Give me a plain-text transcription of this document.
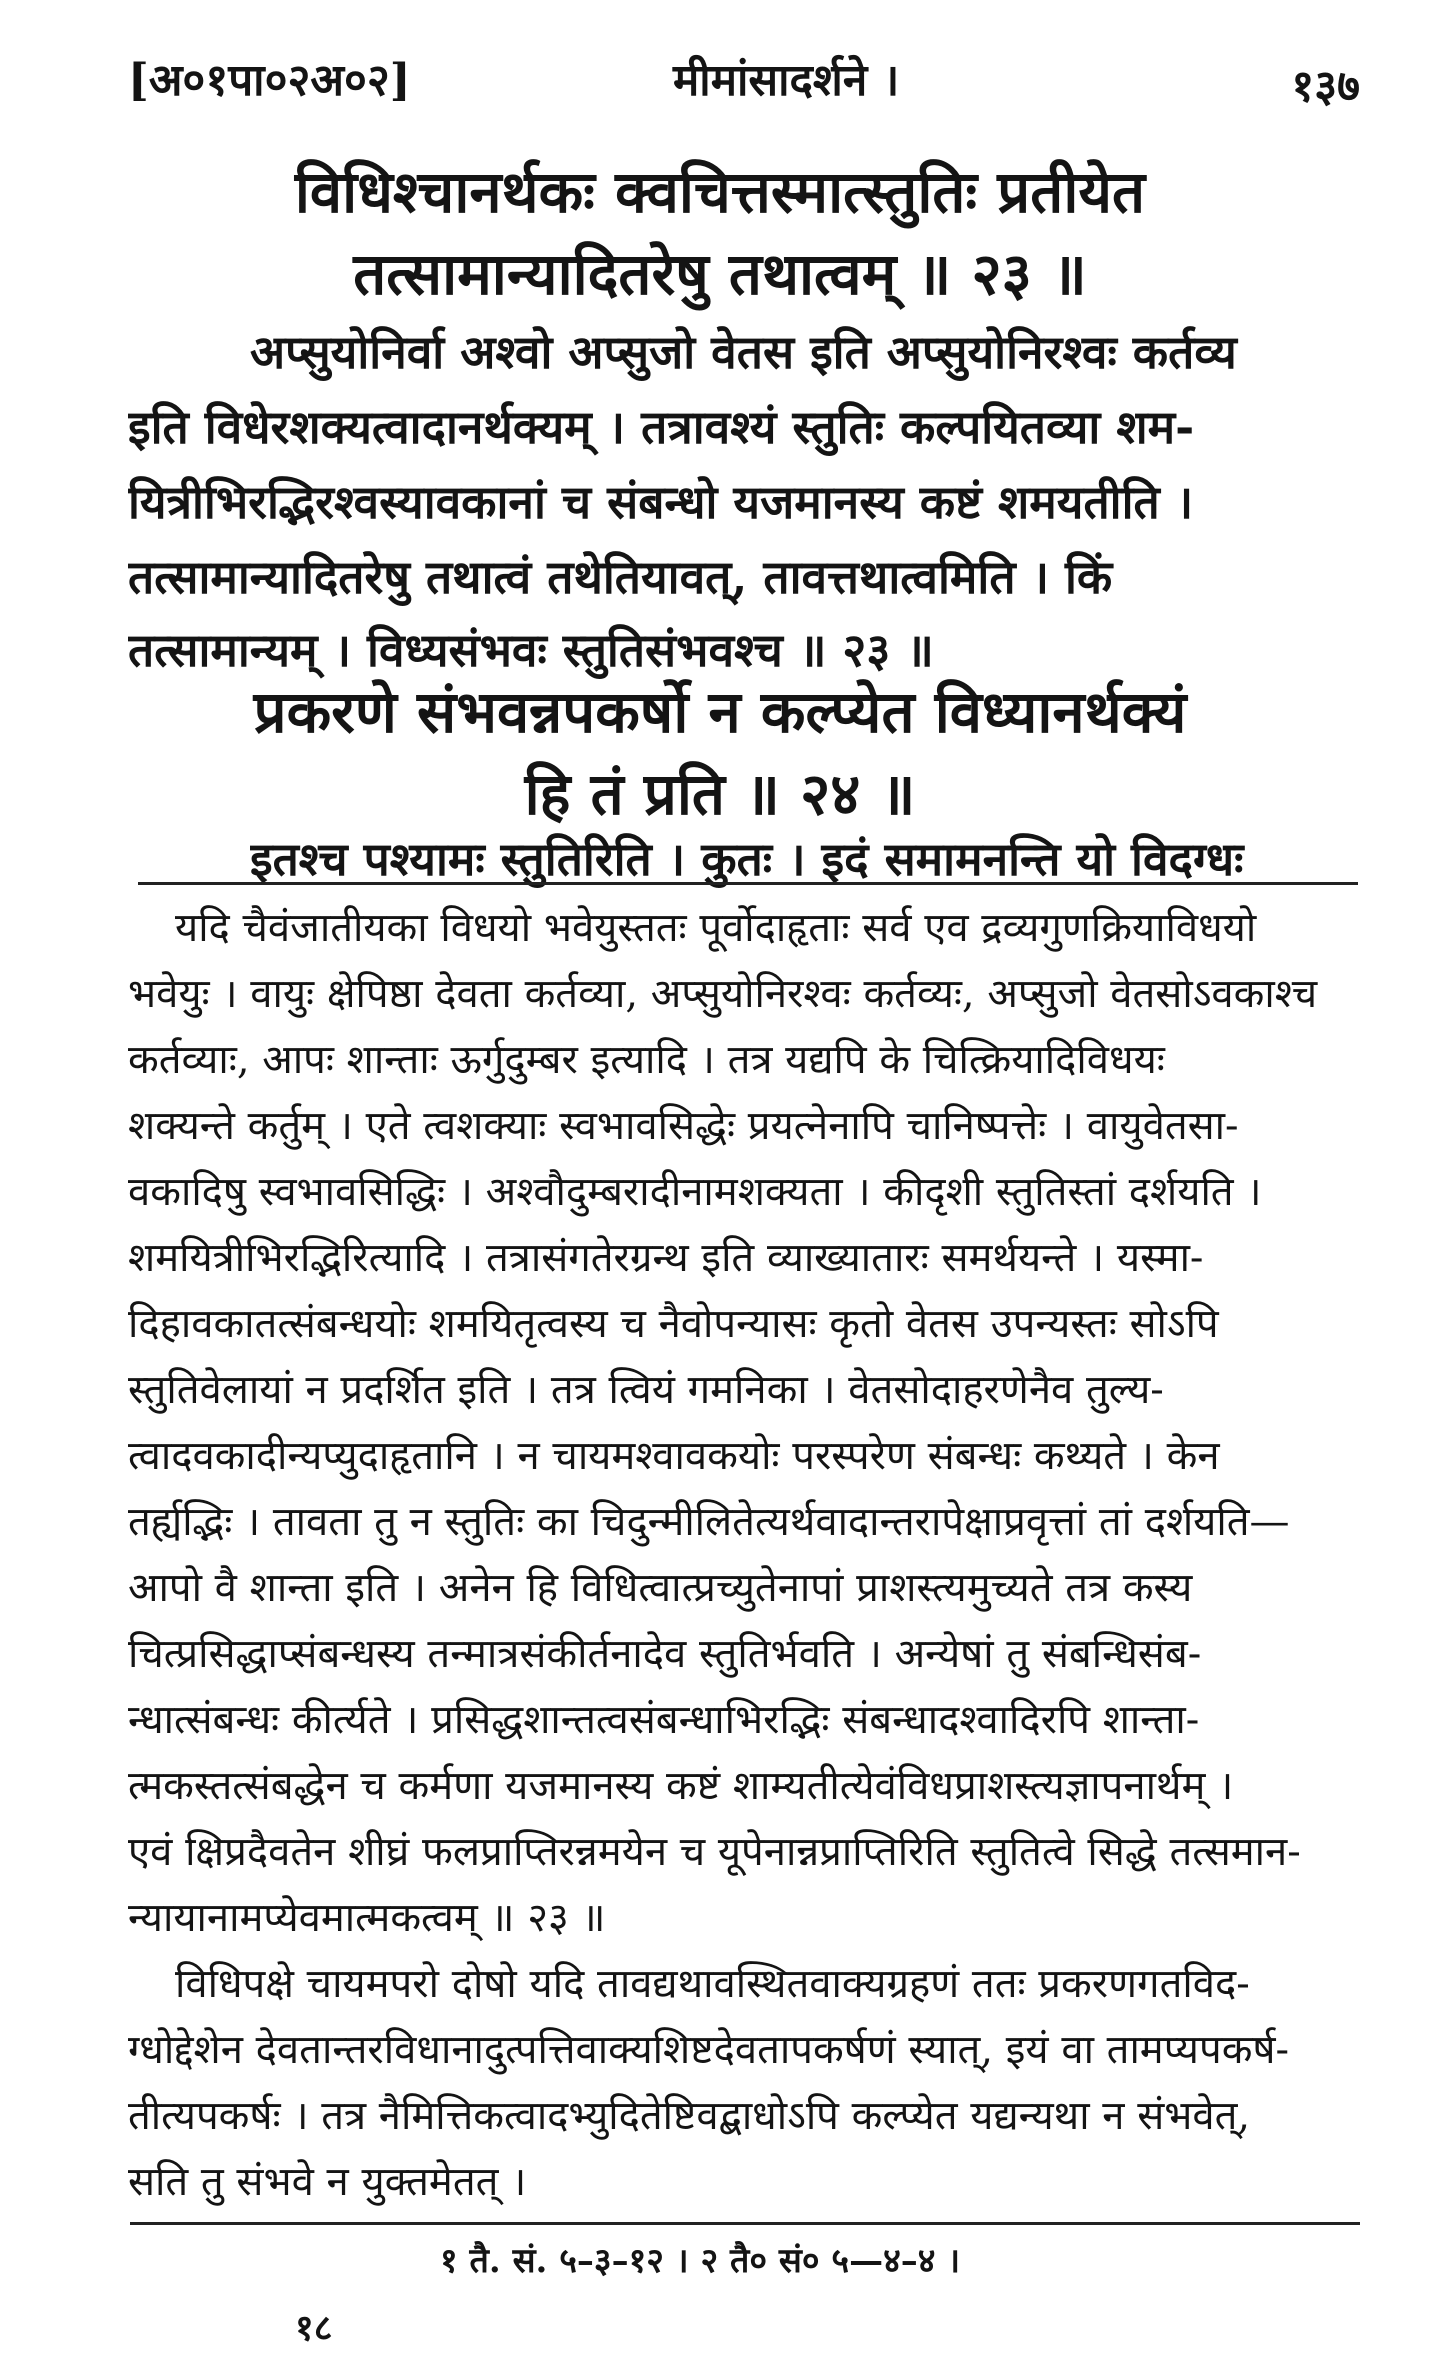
[अ०१पा०२अ०२]	मीमांसादर्शने ।	१३७
विधिश्चानर्थकः क्वचित्तस्मात्स्तुतिः प्रतीयेत
तत्सामान्यादितरेषु तथात्वम् ॥ २३ ॥
अप्सुयोनिर्वा अश्वो अप्सुजो वेतस इति अप्सुयोनिरश्वः कर्तव्य
इति विधेरशक्यत्वादानर्थक्यम् । तत्रावश्यं स्तुतिः कल्पयितव्या शम-
यित्रीभिरद्भिरश्वस्यावकानां च संबन्धो यजमानस्य कष्टं शमयतीति ।
तत्सामान्यादितरेषु तथात्वं तथेतियावत्, तावत्तथात्वमिति । किं
तत्सामान्यम् । विध्यसंभवः स्तुतिसंभवश्च ॥ २३ ॥
प्रकरणे संभवन्नपकर्षो न कल्प्येत विध्यानर्थक्यं
हि तं प्रति ॥ २४ ॥
इतश्च पश्यामः स्तुतिरिति । कुतः । इदं समामनन्ति यो विदग्धः
यदि चैवंजातीयका विधयो भवेयुस्ततः पूर्वोदाहृताः सर्व एव द्रव्यगुणक्रियाविधयो
भवेयुः । वायुः क्षेपिष्ठा देवता कर्तव्या, अप्सुयोनिरश्वः कर्तव्यः, अप्सुजो वेतसोऽवकाश्च
कर्तव्याः, आपः शान्ताः ऊर्गुदुम्बर इत्यादि । तत्र यद्यपि के चित्क्रियादिविधयः
शक्यन्ते कर्तुम् । एते त्वशक्याः स्वभावसिद्धेः प्रयत्नेनापि चानिष्पत्तेः । वायुवेतसा-
वकादिषु स्वभावसिद्धिः । अश्वौदुम्बरादीनामशक्यता । कीदृशी स्तुतिस्तां दर्शयति ।
शमयित्रीभिरद्भिरित्यादि । तत्रासंगतेरग्रन्थ इति व्याख्यातारः समर्थयन्ते । यस्मा-
दिहावकातत्संबन्धयोः शमयितृत्वस्य च नैवोपन्यासः कृतो वेतस उपन्यस्तः सोऽपि
स्तुतिवेलायां न प्रदर्शित इति । तत्र त्वियं गमनिका । वेतसोदाहरणेनैव तुल्य-
त्वादवकादीन्यप्युदाहृतानि । न चायमश्वावकयोः परस्परेण संबन्धः कथ्यते । केन
तर्ह्यद्भिः । तावता तु न स्तुतिः का चिदुन्मीलितेत्यर्थवादान्तरापेक्षाप्रवृत्तां तां दर्शयति—
आपो वै शान्ता इति । अनेन हि विधित्वात्प्रच्युतेनापां प्राशस्त्यमुच्यते तत्र कस्य
चित्प्रसिद्धाप्संबन्धस्य तन्मात्रसंकीर्तनादेव स्तुतिर्भवति । अन्येषां तु संबन्धिसंब-
न्धात्संबन्धः कीर्त्यते । प्रसिद्धशान्तत्वसंबन्धाभिरद्भिः संबन्धादश्वादिरपि शान्ता-
त्मकस्तत्संबद्धेन च कर्मणा यजमानस्य कष्टं शाम्यतीत्येवंविधप्राशस्त्यज्ञापनार्थम् ।
एवं क्षिप्रदैवतेन शीघ्रं फलप्राप्तिरन्नमयेन च यूपेनान्नप्राप्तिरिति स्तुतित्वे सिद्धे तत्समान-
न्यायानामप्येवमात्मकत्वम् ॥ २३ ॥
विधिपक्षे चायमपरो दोषो यदि तावद्यथावस्थितवाक्यग्रहणं ततः प्रकरणगतविद-
ग्धोद्देशेन देवतान्तरविधानादुत्पत्तिवाक्यशिष्टदेवतापकर्षणं स्यात्, इयं वा तामप्यपकर्ष-
तीत्यपकर्षः । तत्र नैमित्तिकत्वादभ्युदितेष्टिवद्बाधोऽपि कल्प्येत यद्यन्यथा न संभवेत्,
सति तु संभवे न युक्तमेतत् ।
१ तै. सं. ५–३–१२ । २ तै० सं० ५—४–४ ।
१८
